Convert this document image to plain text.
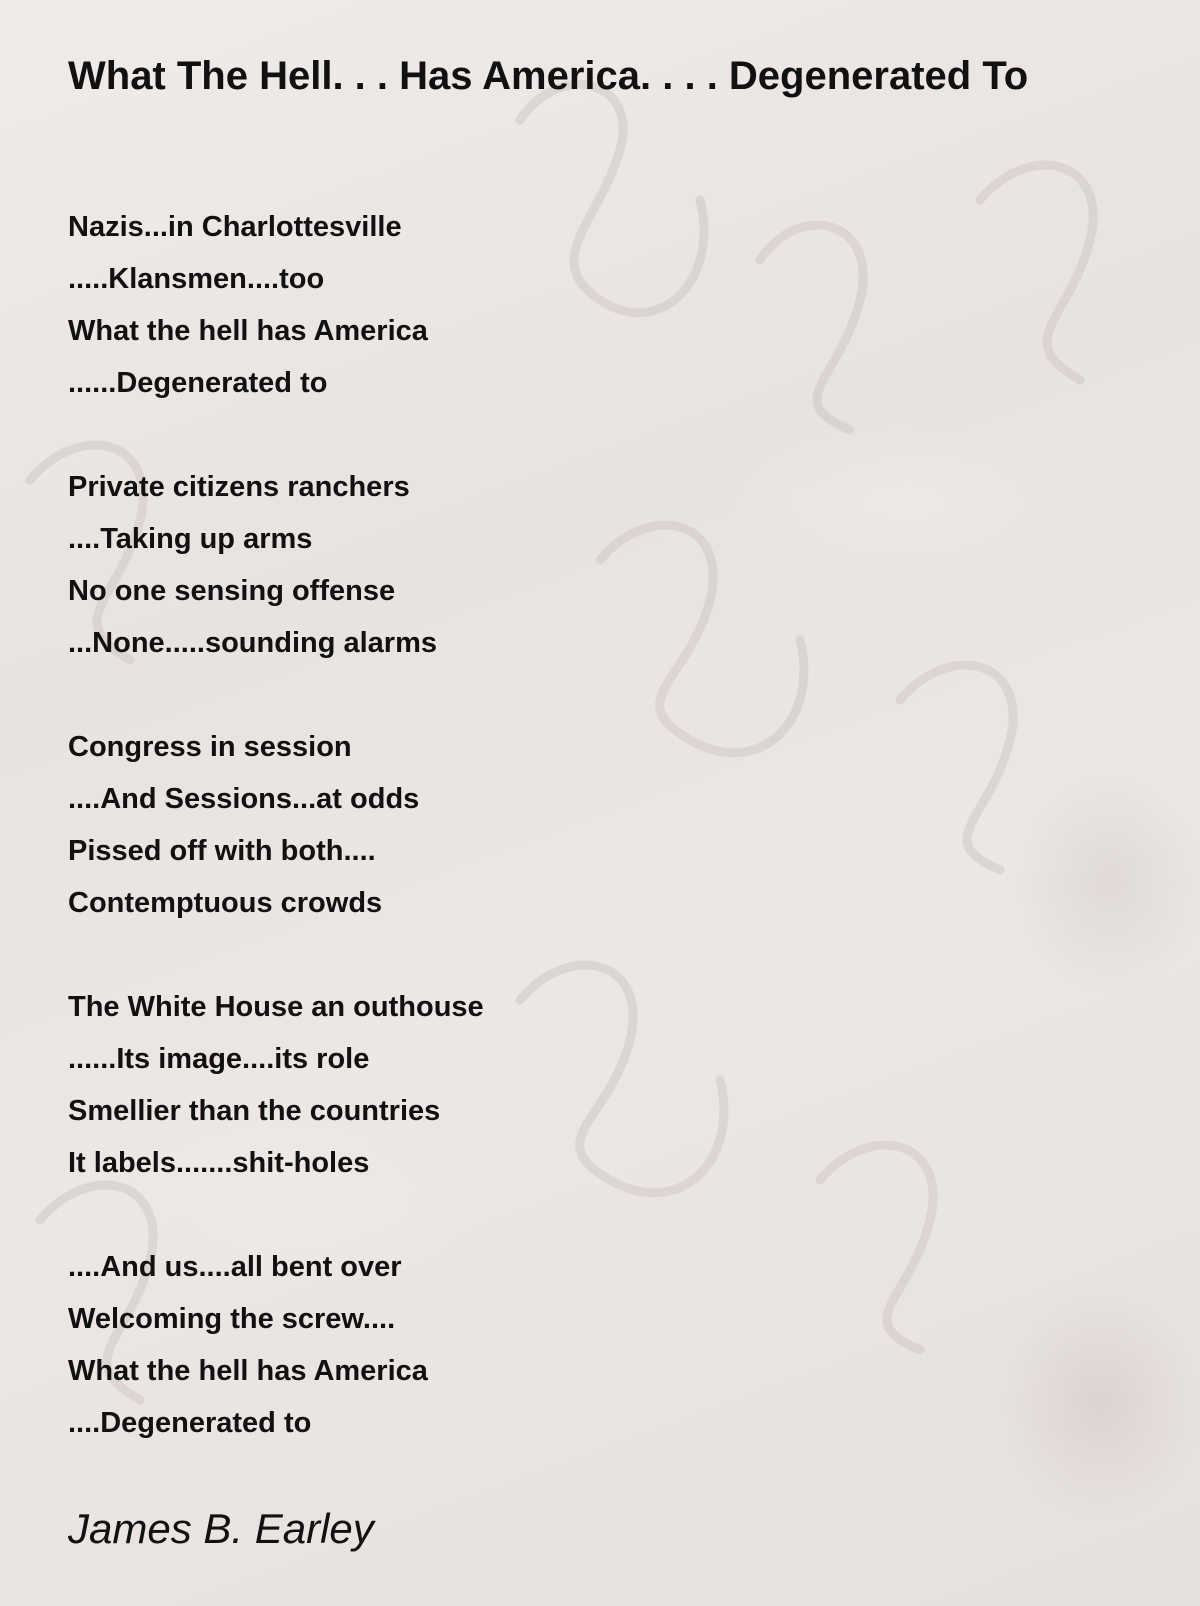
What The Hell. . . Has America. . . . Degenerated To
Nazis...in Charlottesville
.....Klansmen....too
What the hell has America
......Degenerated to
Private citizens ranchers
....Taking up arms
No one sensing offense
...None.....sounding alarms
Congress in session
....And Sessions...at odds
Pissed off with both....
Contemptuous crowds
The White House an outhouse
......Its image....its role
Smellier than the countries
It labels.......shit-holes
....And us....all bent over
Welcoming the screw....
What the hell has America
....Degenerated to
James B. Earley
